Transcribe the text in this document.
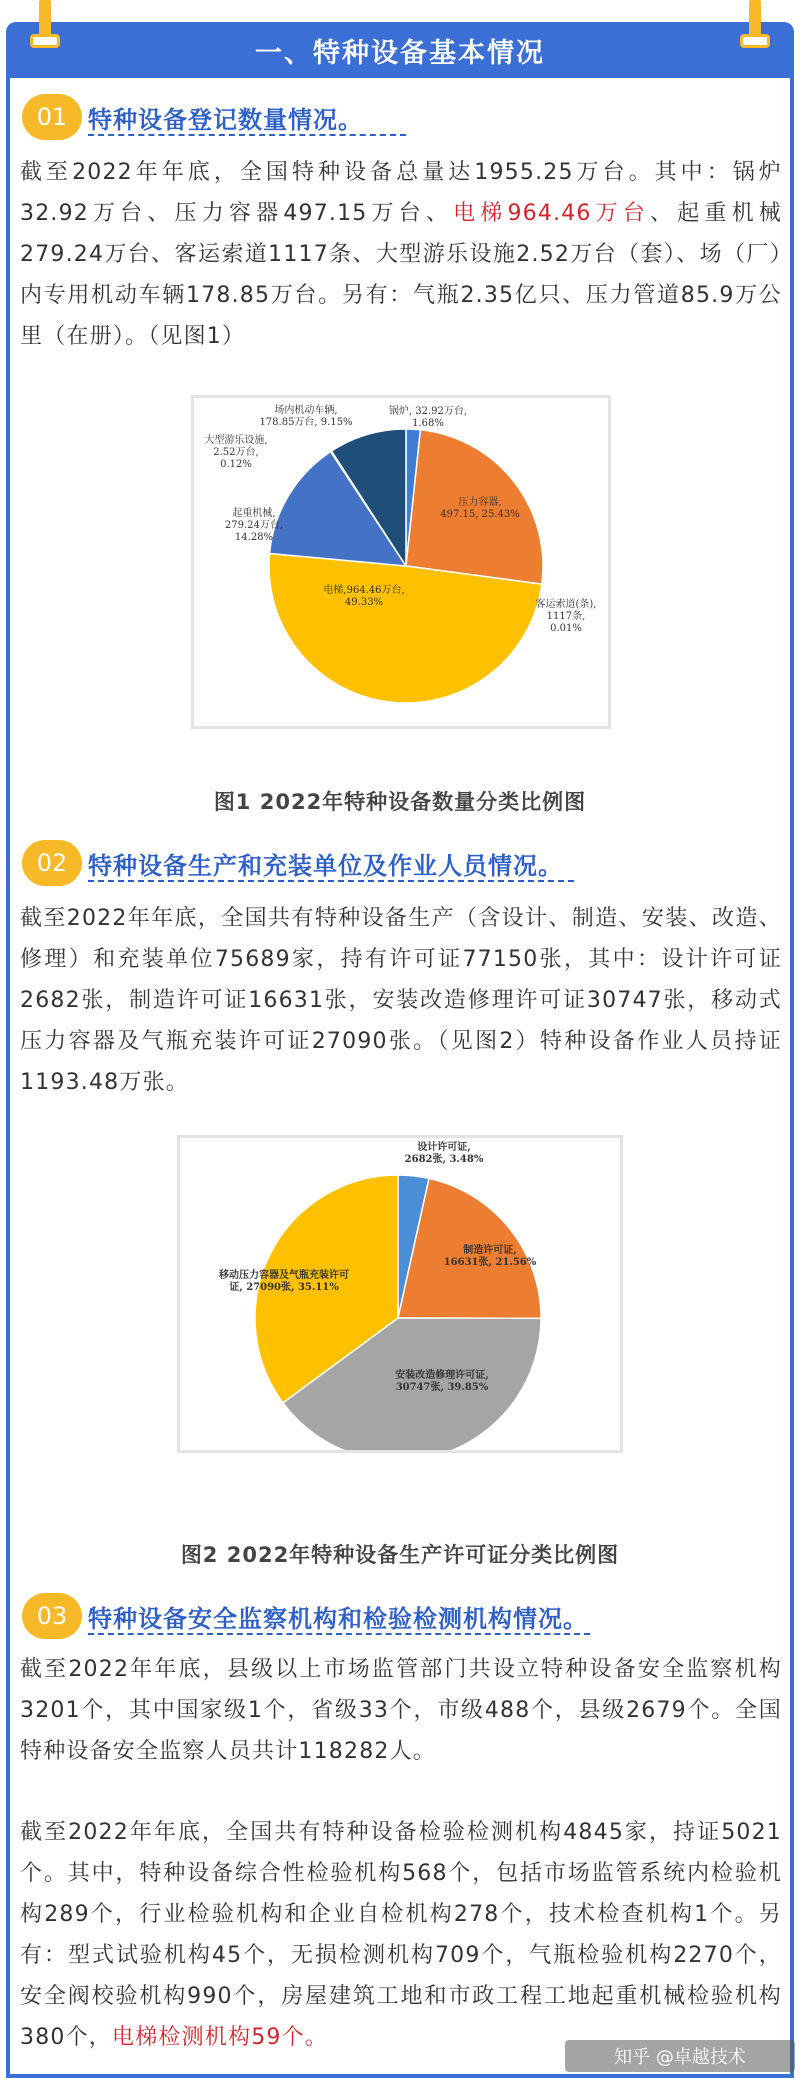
一、特种设备基本情况
01 特种设备登记数量情况。

截至2022年年底，全国特种设备总量达1955.25万台。其中：锅炉32.92万台、压力容器497.15万台、电梯964.46万台、起重机械279.24万台、客运索道1117条、大型游乐设施2.52万台（套）、场（厂）内专用机动车辆178.85万台。另有：气瓶2.35亿只、压力管道85.9万公里（在册）。（见图1）

锅炉, 32.92万台, 1.68%
压力容器, 497.15, 25.43%
客运索道(条), 1117条, 0.01%
电梯,964.46万台, 49.33%
起重机械, 279.24万台, 14.28%
大型游乐设施, 2.52万台, 0.12%
场内机动车辆, 178.85万台, 9.15%
图1 2022年特种设备数量分类比例图
02 特种设备生产和充装单位及作业人员情况。

截至2022年年底，全国共有特种设备生产（含设计、制造、安装、改造、修理）和充装单位75689家，持有许可证77150张，其中：设计许可证2682张，制造许可证16631张，安装改造修理许可证30747张，移动式压力容器及气瓶充装许可证27090张。（见图2）特种设备作业人员持证1193.48万张。

设计许可证, 2682张, 3.48%
制造许可证, 16631张, 21.56%
安装改造修理许可证, 30747张, 39.85%
移动压力容器及气瓶充装许可证, 27090张, 35.11%
图2 2022年特种设备生产许可证分类比例图
03 特种设备安全监察机构和检验检测机构情况。

截至2022年年底，县级以上市场监管部门共设立特种设备安全监察机构3201个，其中国家级1个，省级33个，市级488个，县级2679个。全国特种设备安全监察人员共计118282人。

截至2022年年底，全国共有特种设备检验检测机构4845家，持证5021个。其中，特种设备综合性检验机构568个，包括市场监管系统内检验机构289个，行业检验机构和企业自检机构278个，技术检查机构1个。另有：型式试验机构45个，无损检测机构709个，气瓶检验机构2270个，安全阀校验机构990个，房屋建筑工地和市政工程工地起重机械检验机构380个，电梯检测机构59个。

知乎 @卓越技术
